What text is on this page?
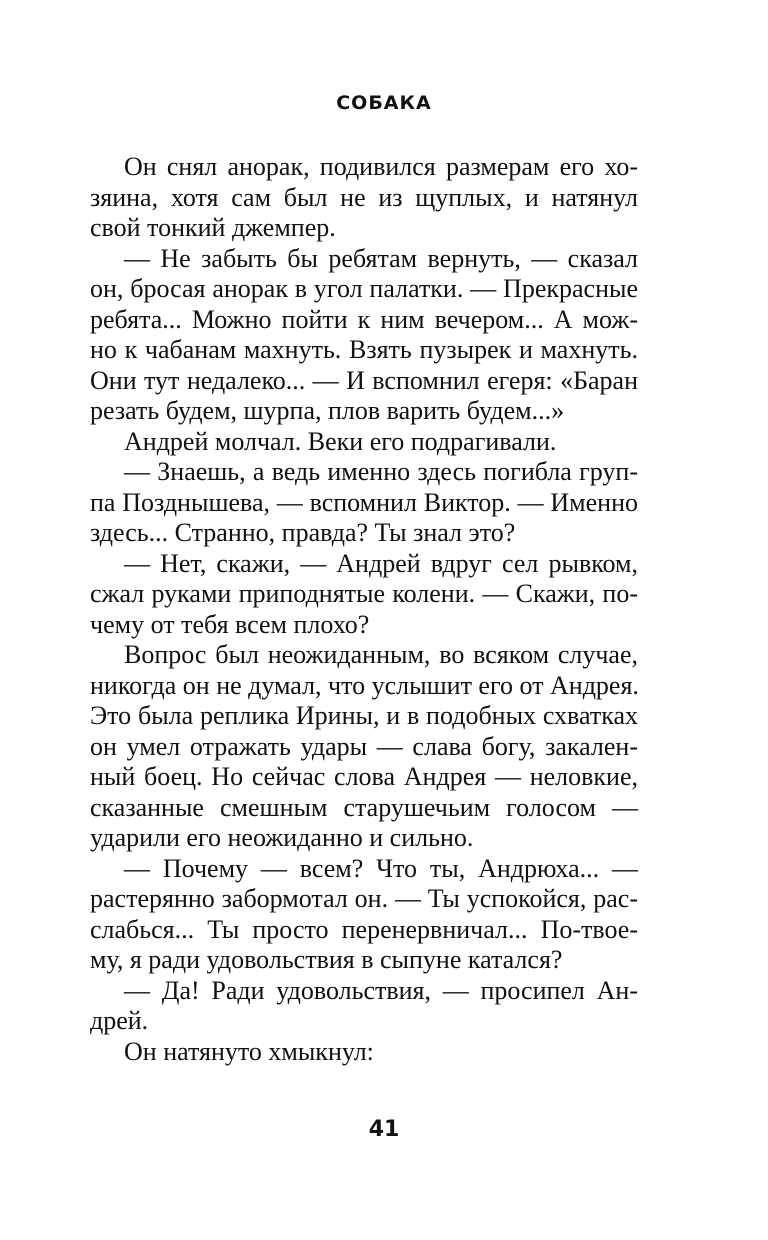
СОБАКА

Он снял анорак, подивился размерам его хо-
зяина, хотя сам был не из щуплых, и натянул
свой тонкий джемпер.

— Не забыть бы ребятам вернуть, — сказал
он, бросая анорак в угол палатки. — Прекрасные
ребята... Можно пойти к ним вечером... А мож-
но к чабанам махнуть. Взять пузырек и махнуть.
Они тут недалеко... — И вспомнил егеря: «Баран
резать будем, шурпа, плов варить будем...»

Андрей молчал. Веки его подрагивали.

— Знаешь, а ведь именно здесь погибла груп-
па Позднышева, — вспомнил Виктор. — Именно
здесь... Странно, правда? Ты знал это?

— Нет, скажи, — Андрей вдруг сел рывком,
сжал руками приподнятые колени. — Скажи, по-
чему от тебя всем плохо?

Вопрос был неожиданным, во всяком случае,
никогда он не думал, что услышит его от Андрея.
Это была реплика Ирины, и в подобных схватках
он умел отражать удары — слава богу, закален-
ный боец. Но сейчас слова Андрея — неловкие,
сказанные смешным старушечьим голосом —
ударили его неожиданно и сильно.

— Почему — всем? Что ты, Андрюха... —
растерянно забормотал он. — Ты успокойся, рас-
слабься... Ты просто перенервничал... По-твое-
му, я ради удовольствия в сыпуне катался?

— Да! Ради удовольствия, — просипел Ан-
дрей.

Он натянуто хмыкнул:

41
